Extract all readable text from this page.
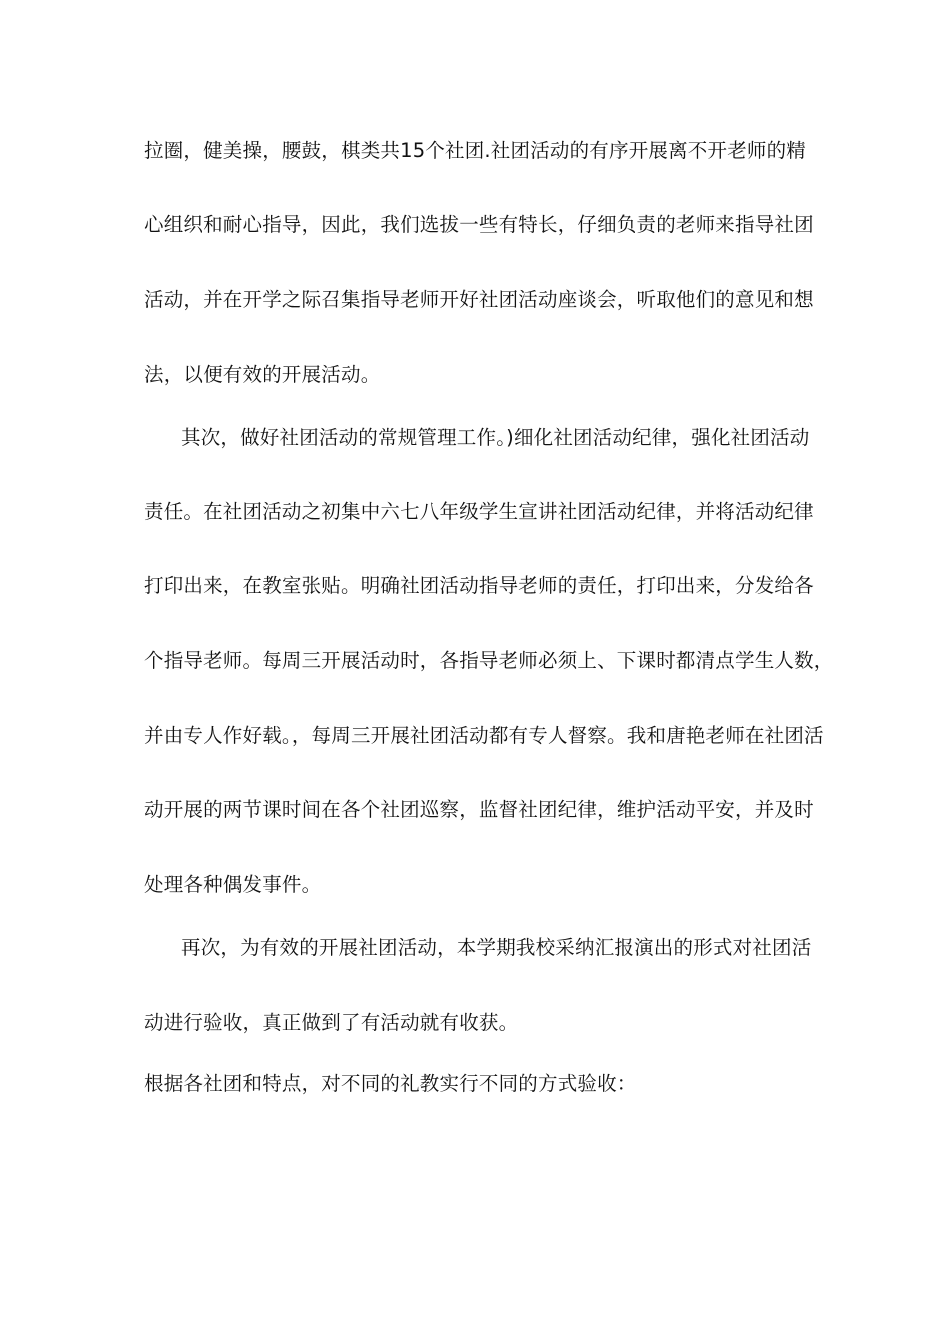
拉圈，健美操，腰鼓，棋类共15个社团.社团活动的有序开展离不开老师的精
心组织和耐心指导，因此，我们选拔一些有特长，仔细负责的老师来指导社团
活动，并在开学之际召集指导老师开好社团活动座谈会，听取他们的意见和想
法，以便有效的开展活动。
其次，做好社团活动的常规管理工作。)细化社团活动纪律，强化社团活动
责任。在社团活动之初集中六七八年级学生宣讲社团活动纪律，并将活动纪律
打印出来，在教室张贴。明确社团活动指导老师的责任，打印出来，分发给各
个指导老师。每周三开展活动时，各指导老师必须上、下课时都清点学生人数，
并由专人作好载。，每周三开展社团活动都有专人督察。我和唐艳老师在社团活
动开展的两节课时间在各个社团巡察，监督社团纪律，维护活动平安，并及时
处理各种偶发事件。
再次，为有效的开展社团活动，本学期我校采纳汇报演出的形式对社团活
动进行验收，真正做到了有活动就有收获。
根据各社团和特点，对不同的礼教实行不同的方式验收：
